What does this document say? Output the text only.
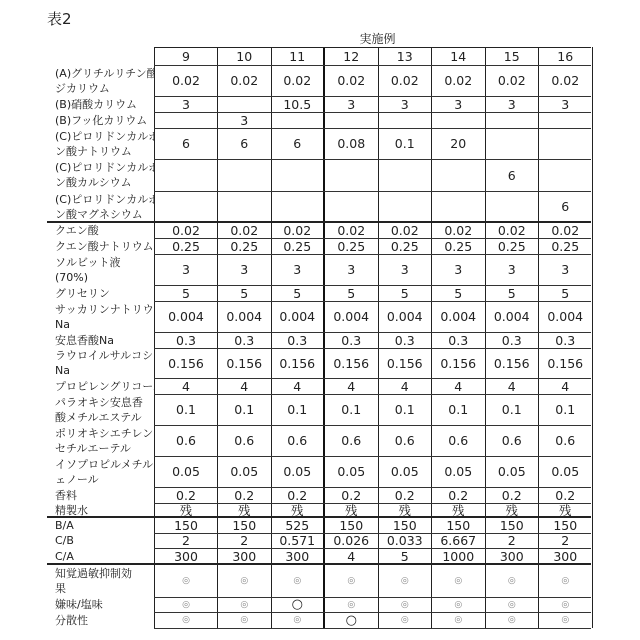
表2
実施例
9	10	11	12	13	14	15	16
(A)グリチルリチン酸
ジカリウム	0.02	0.02	0.02	0.02	0.02	0.02	0.02	0.02
(B)硝酸カリウム	3	10.5	3	3	3	3	3
(B)フッ化カリウム	3
(C)ピロリドンカルボ
ン酸ナトリウム	6	6	6	0.08	0.1	20
(C)ピロリドンカルボ
ン酸カルシウム	6
(C)ピロリドンカルボ
ン酸マグネシウム	6
クエン酸	0.02	0.02	0.02	0.02	0.02	0.02	0.02	0.02
クエン酸ナトリウム	0.25	0.25	0.25	0.25	0.25	0.25	0.25	0.25
ソルビット液
(70%)	3	3	3	3	3	3	3	3
グリセリン	5	5	5	5	5	5	5	5
サッカリンナトリウム
Na	0.004	0.004	0.004	0.004	0.004	0.004	0.004	0.004
安息香酸Na	0.3	0.3	0.3	0.3	0.3	0.3	0.3	0.3
ラウロイルサルコシン
Na	0.156	0.156	0.156	0.156	0.156	0.156	0.156	0.156
プロピレングリコール	4	4	4	4	4	4	4	4
パラオキシ安息香
酸メチルエステル	0.1	0.1	0.1	0.1	0.1	0.1	0.1	0.1
ポリオキシエチレン
セチルエーテル	0.6	0.6	0.6	0.6	0.6	0.6	0.6	0.6
イソプロピルメチルフ
ェノール	0.05	0.05	0.05	0.05	0.05	0.05	0.05	0.05
香料	0.2	0.2	0.2	0.2	0.2	0.2	0.2	0.2
精製水	残	残	残	残	残	残	残	残
B/A	150	150	525	150	150	150	150	150
C/B	2	2	0.571	0.026	0.033	6.667	2	2
C/A	300	300	300	4	5	1000	300	300
知覚過敏抑制効
果
◎	◎	◎	◎	◎	◎	◎	◎
嫌味/塩味	◎	◎	○	◎	◎	◎	◎	◎
分散性	◎	◎	◎	○	◎	◎	◎	◎
